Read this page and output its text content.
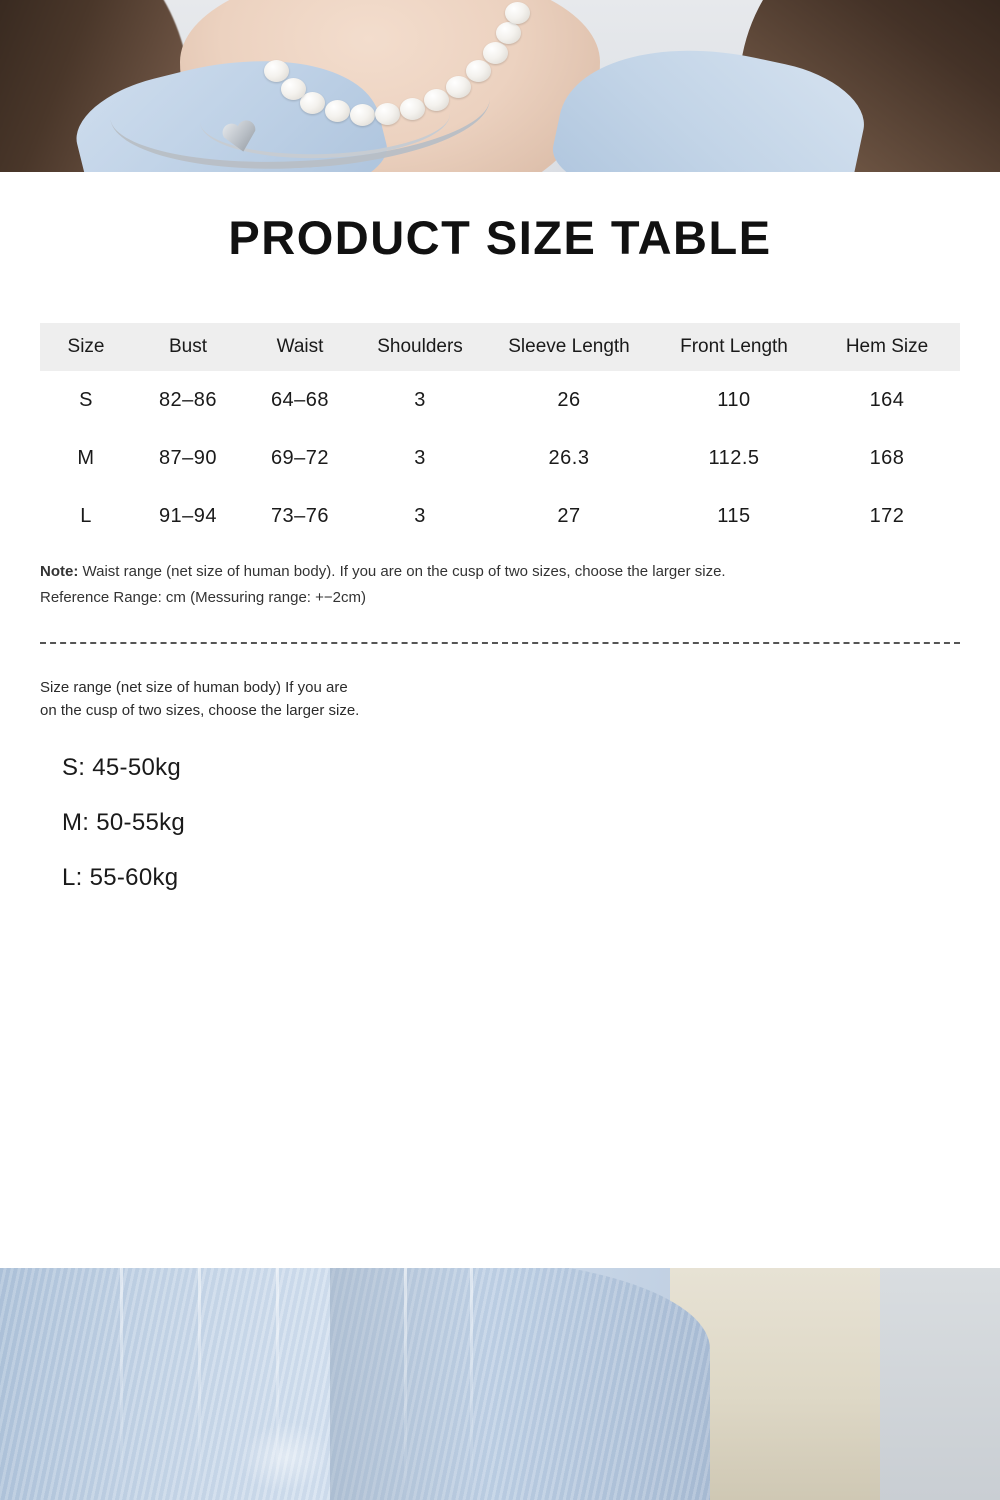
PRODUCT SIZE TABLE
Size	Bust	Waist	Shoulders	Sleeve Length	Front Length	Hem Size
S	82–86	64–68	3	26	110	164
M	87–90	69–72	3	26.3	112.5	168
L	91–94	73–76	3	27	115	172
Note: Waist range (net size of human body). If you are on the cusp of two sizes, choose the larger size.
Reference Range: cm (Messuring range: +−2cm)
Size range (net size of human body) If you are
on the cusp of two sizes, choose the larger size.
S: 45-50kg
M: 50-55kg
L: 55-60kg
